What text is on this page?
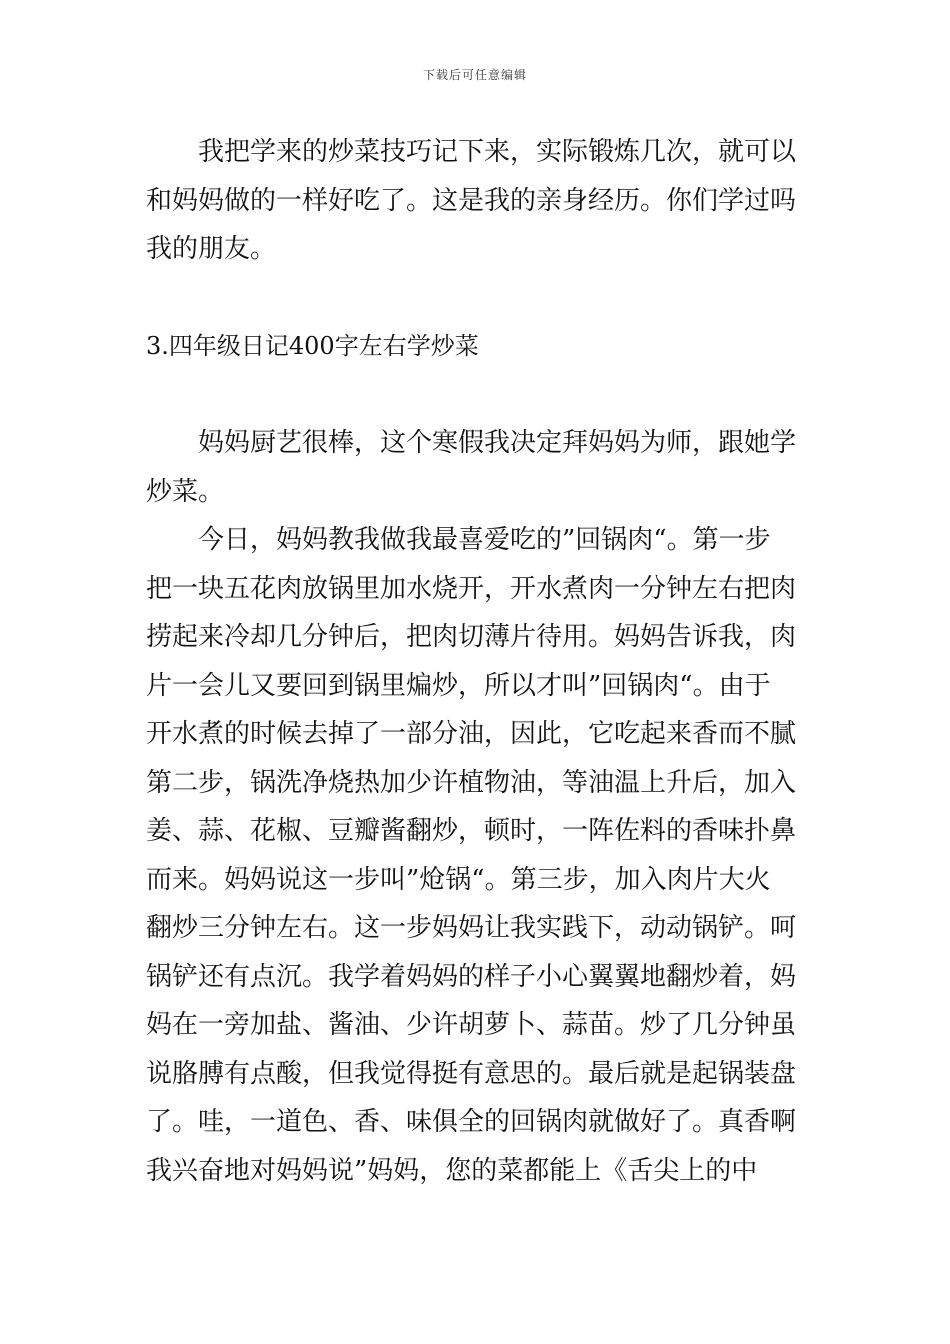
下载后可任意编辑
我把学来的炒菜技巧记下来，实际锻炼几次，就可以
和妈妈做的一样好吃了。这是我的亲身经历。你们学过吗
我的朋友。
3.四年级日记400字左右学炒菜
妈妈厨艺很棒，这个寒假我决定拜妈妈为师，跟她学
炒菜。
今日，妈妈教我做我最喜爱吃的”回锅肉“。第一步
把一块五花肉放锅里加水烧开，开水煮肉一分钟左右把肉
捞起来冷却几分钟后，把肉切薄片待用。妈妈告诉我，肉
片一会儿又要回到锅里煸炒，所以才叫”回锅肉“。由于
开水煮的时候去掉了一部分油，因此，它吃起来香而不腻
第二步，锅洗净烧热加少许植物油，等油温上升后，加入
姜、蒜、花椒、豆瓣酱翻炒，顿时，一阵佐料的香味扑鼻
而来。妈妈说这一步叫”炝锅“。第三步，加入肉片大火
翻炒三分钟左右。这一步妈妈让我实践下，动动锅铲。呵
锅铲还有点沉。我学着妈妈的样子小心翼翼地翻炒着，妈
妈在一旁加盐、酱油、少许胡萝卜、蒜苗。炒了几分钟虽
说胳膊有点酸，但我觉得挺有意思的。最后就是起锅装盘
了。哇，一道色、香、味俱全的回锅肉就做好了。真香啊
我兴奋地对妈妈说”妈妈，您的菜都能上《舌尖上的中
